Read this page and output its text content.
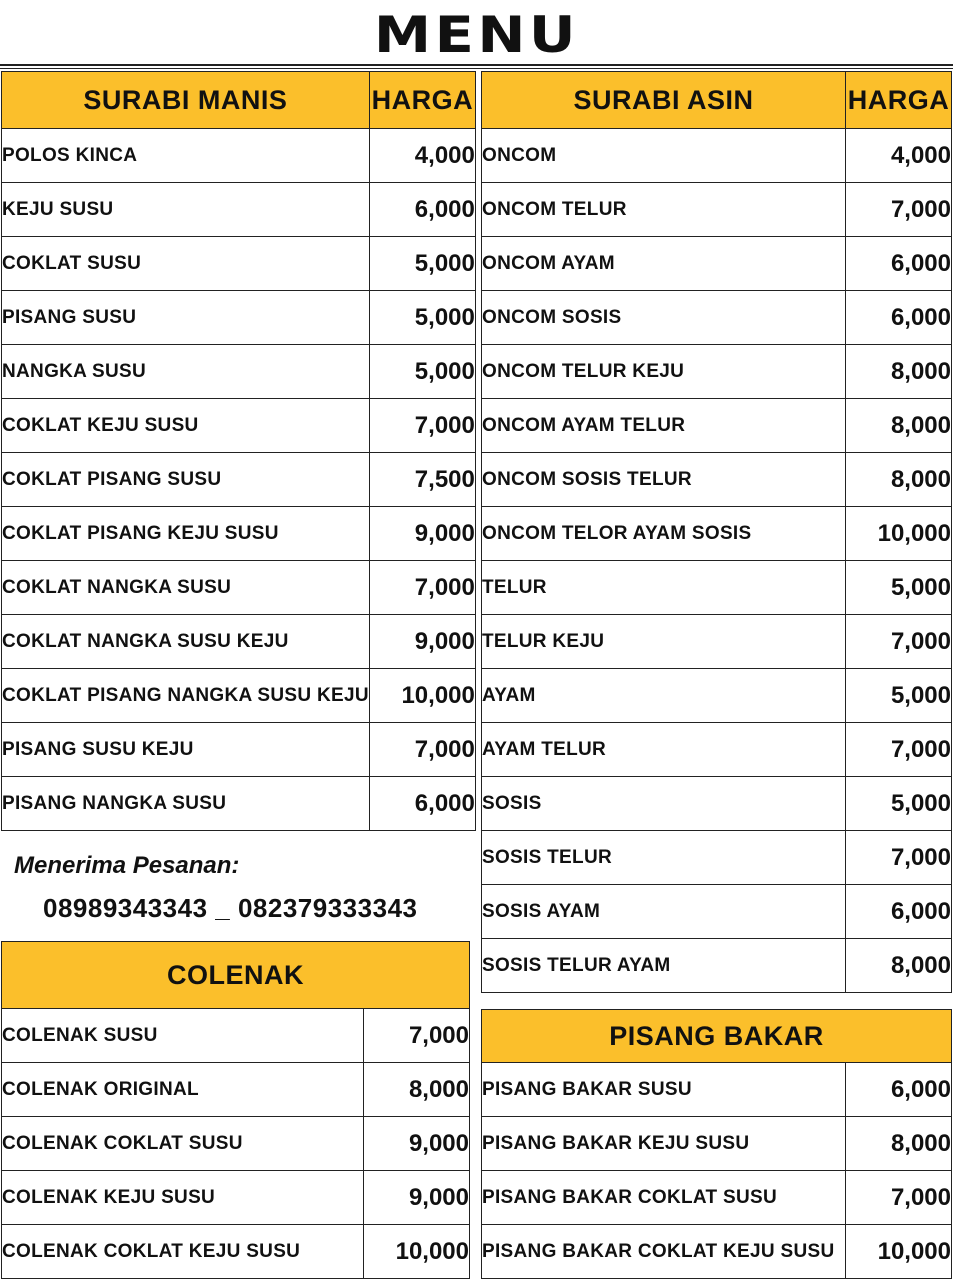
MENU
SURABI MANIS	HARGA
POLOS KINCA	4,000
KEJU SUSU	6,000
COKLAT SUSU	5,000
PISANG SUSU	5,000
NANGKA SUSU	5,000
COKLAT KEJU SUSU	7,000
COKLAT PISANG SUSU	7,500
COKLAT PISANG KEJU SUSU	9,000
COKLAT NANGKA SUSU	7,000
COKLAT NANGKA SUSU KEJU	9,000
COKLAT PISANG NANGKA SUSU KEJU	10,000
PISANG SUSU KEJU	7,000
PISANG NANGKA SUSU	6,000
SURABI ASIN	HARGA
ONCOM	4,000
ONCOM TELUR	7,000
ONCOM AYAM	6,000
ONCOM SOSIS	6,000
ONCOM TELUR KEJU	8,000
ONCOM AYAM TELUR	8,000
ONCOM SOSIS TELUR	8,000
ONCOM TELOR AYAM SOSIS	10,000
TELUR	5,000
TELUR KEJU	7,000
AYAM	5,000
AYAM TELUR	7,000
SOSIS	5,000
SOSIS TELUR	7,000
SOSIS AYAM	6,000
SOSIS TELUR AYAM	8,000
Menerima Pesanan:
08989343343 _ 082379333343
COLENAK	
COLENAK SUSU	7,000
COLENAK ORIGINAL	8,000
COLENAK COKLAT SUSU	9,000
COLENAK KEJU SUSU	9,000
COLENAK COKLAT KEJU SUSU	10,000
PISANG BAKAR	
PISANG BAKAR SUSU	6,000
PISANG BAKAR KEJU SUSU	8,000
PISANG BAKAR COKLAT SUSU	7,000
PISANG BAKAR COKLAT KEJU SUSU	10,000
